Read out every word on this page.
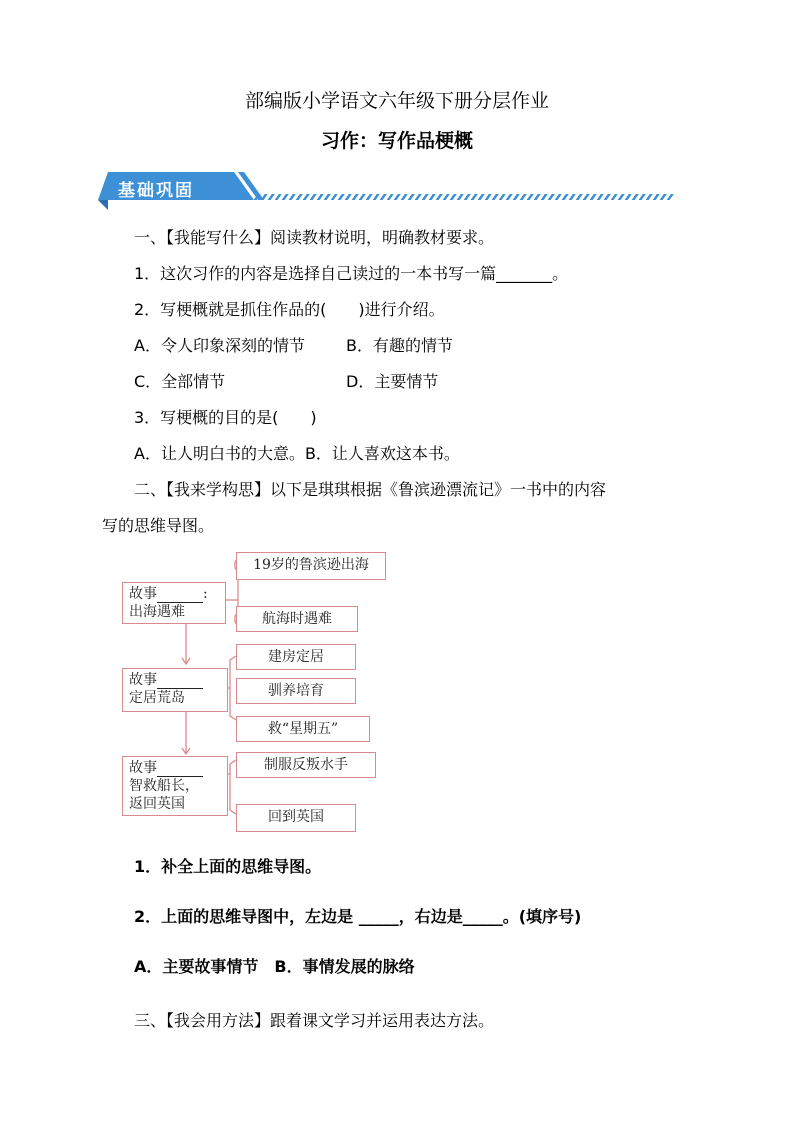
部编版小学语文六年级下册分层作业
习作：写作品梗概
基础巩固
一、【我能写什么】阅读教材说明，明确教材要求。
1．这次习作的内容是选择自己读过的一本书写一篇_______。
2．写梗概就是抓住作品的(　　)进行介绍。
A．令人印象深刻的情节	B．有趣的情节
C．全部情节	D．主要情节
3．写梗概的目的是(　　)
A．让人明白书的大意。B．让人喜欢这本书。
二、【我来学构思】以下是琪琪根据《鲁滨逊漂流记》一书中的内容
写的思维导图。
故事	:
出海遇难
19岁的鲁滨逊出海
航海时遇难
故事
定居荒岛
建房定居
驯养培育
救“星期五”
故事
智救船长，
返回英国
制服反叛水手
回到英国
1．补全上面的思维导图。
2．上面的思维导图中，左边是 _____，右边是_____。(填序号)
A．主要故事情节　B．事情发展的脉络
三、【我会用方法】跟着课文学习并运用表达方法。
